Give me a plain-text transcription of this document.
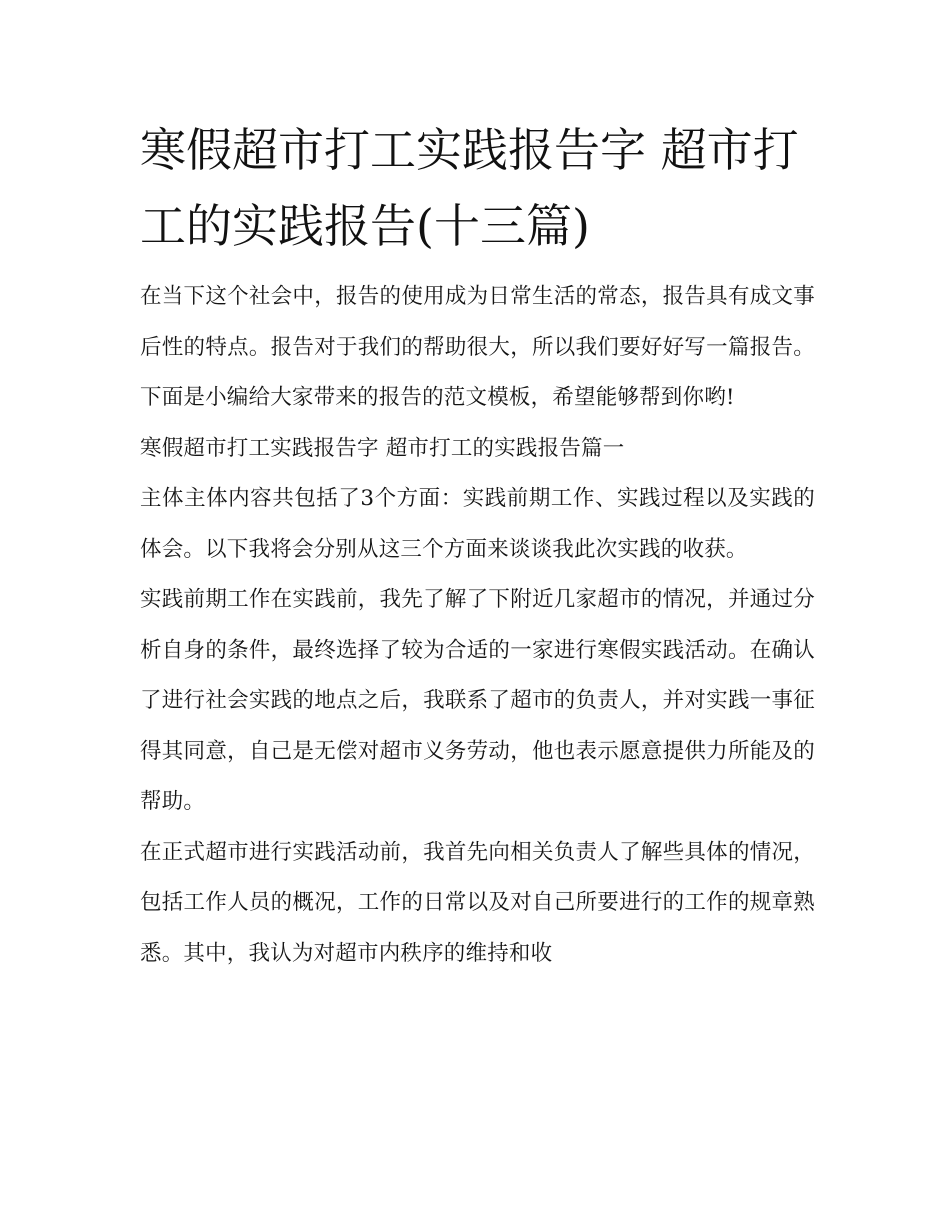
寒假超市打工实践报告字 超市打工的实践报告(十三篇)

在当下这个社会中，报告的使用成为日常生活的常态，报告具有成文事后性的特点。报告对于我们的帮助很大，所以我们要好好写一篇报告。下面是小编给大家带来的报告的范文模板，希望能够帮到你哟!

寒假超市打工实践报告字 超市打工的实践报告篇一

主体主体内容共包括了3个方面：实践前期工作、实践过程以及实践的体会。以下我将会分别从这三个方面来谈谈我此次实践的收获。

实践前期工作在实践前，我先了解了下附近几家超市的情况，并通过分析自身的条件，最终选择了较为合适的一家进行寒假实践活动。在确认了进行社会实践的地点之后，我联系了超市的负责人，并对实践一事征得其同意，自己是无偿对超市义务劳动，他也表示愿意提供力所能及的帮助。

在正式超市进行实践活动前，我首先向相关负责人了解些具体的情况，包括工作人员的概况，工作的日常以及对自己所要进行的工作的规章熟悉。其中，我认为对超市内秩序的维持和收
